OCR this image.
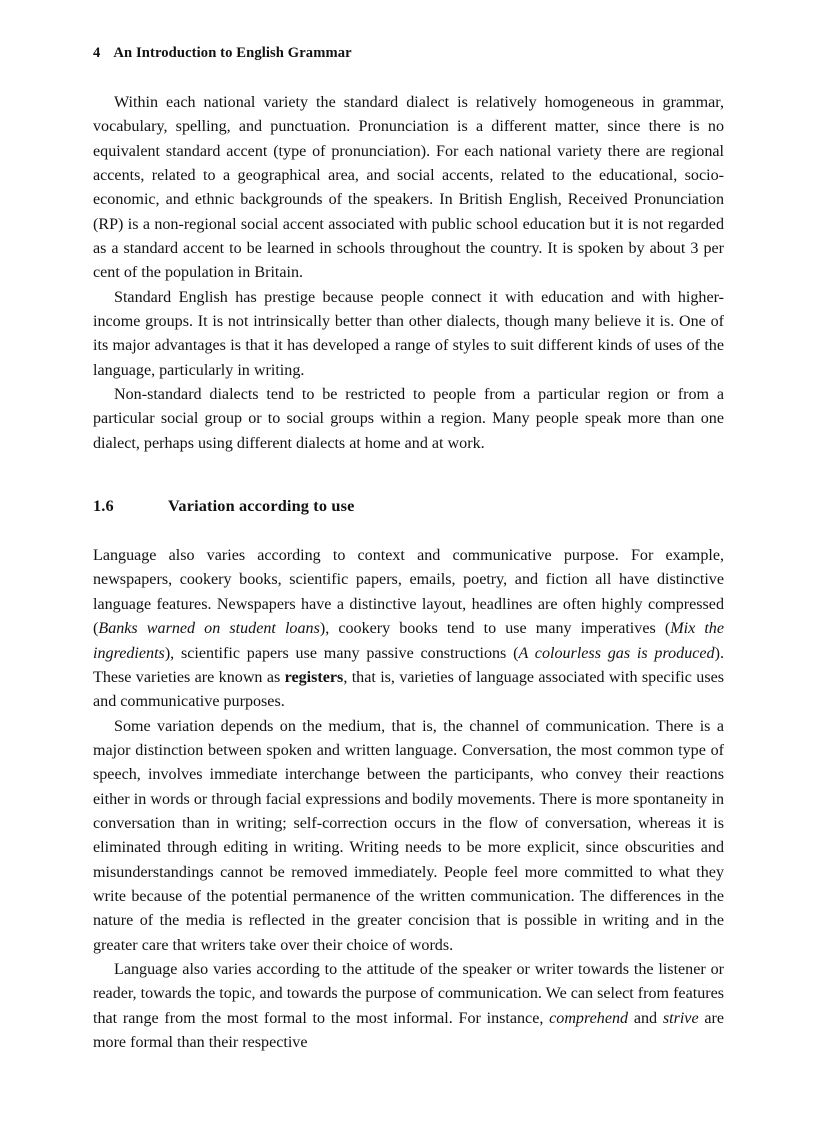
4 An Introduction to English Grammar

Within each national variety the standard dialect is relatively homogeneous in grammar, vocabulary, spelling, and punctuation. Pronunciation is a different matter, since there is no equivalent standard accent (type of pronunciation). For each national variety there are regional accents, related to a geographical area, and social accents, related to the educational, socio-economic, and ethnic backgrounds of the speakers. In British English, Received Pronunciation (RP) is a non-regional social accent associated with public school education but it is not regarded as a standard accent to be learned in schools throughout the country. It is spoken by about 3 per cent of the population in Britain.

Standard English has prestige because people connect it with education and with higher-income groups. It is not intrinsically better than other dialects, though many believe it is. One of its major advantages is that it has developed a range of styles to suit different kinds of uses of the language, particularly in writing.

Non-standard dialects tend to be restricted to people from a particular region or from a particular social group or to social groups within a region. Many people speak more than one dialect, perhaps using different dialects at home and at work.

1.6	Variation according to use

Language also varies according to context and communicative purpose. For example, newspapers, cookery books, scientific papers, emails, poetry, and fiction all have distinctive language features. Newspapers have a distinctive layout, headlines are often highly compressed (Banks warned on student loans), cookery books tend to use many imperatives (Mix the ingredients), scientific papers use many passive constructions (A colourless gas is produced). These varieties are known as registers, that is, varieties of language associated with specific uses and communicative purposes.

Some variation depends on the medium, that is, the channel of communication. There is a major distinction between spoken and written language. Conversation, the most common type of speech, involves immediate interchange between the participants, who convey their reactions either in words or through facial expressions and bodily movements. There is more spontaneity in conversation than in writing; self-correction occurs in the flow of conversation, whereas it is eliminated through editing in writing. Writing needs to be more explicit, since obscurities and misunderstandings cannot be removed immediately. People feel more committed to what they write because of the potential permanence of the written communication. The differences in the nature of the media is reflected in the greater concision that is possible in writing and in the greater care that writers take over their choice of words.

Language also varies according to the attitude of the speaker or writer towards the listener or reader, towards the topic, and towards the purpose of communication. We can select from features that range from the most formal to the most informal. For instance, comprehend and strive are more formal than their respective
